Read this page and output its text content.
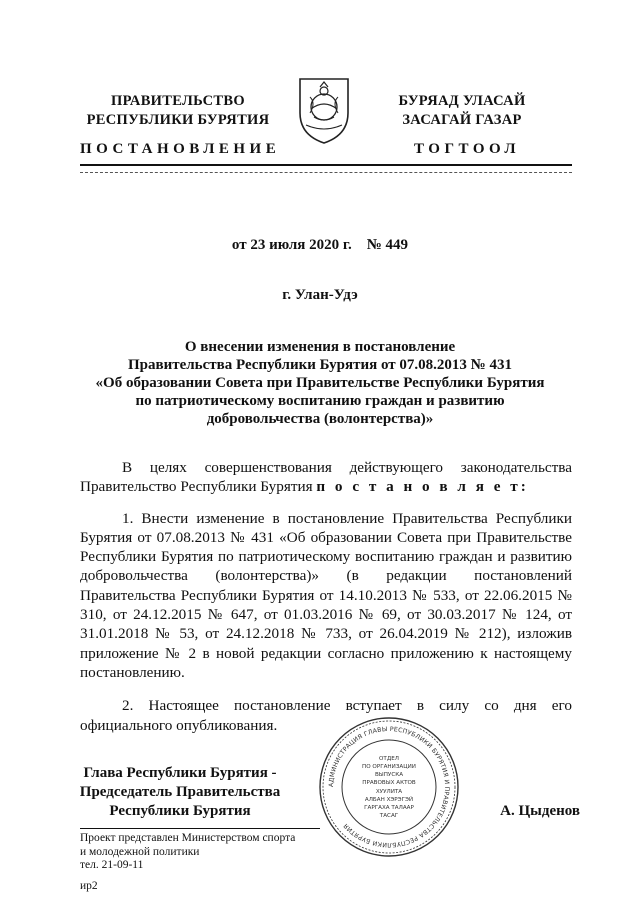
ПРАВИТЕЛЬСТВО
РЕСПУБЛИКИ БУРЯТИЯ
БУРЯАД УЛАСАЙ
ЗАСАГАЙ ГАЗАР
ПОСТАНОВЛЕНИЕ	ТОГТООЛ
от 23 июля 2020 г.    № 449
г. Улан-Удэ
О внесении изменения в постановление
Правительства Республики Бурятия от 07.08.2013 № 431
«Об образовании Совета при Правительстве Республики Бурятия
по патриотическому воспитанию граждан и развитию
добровольчества (волонтерства)»

В целях совершенствования действующего законодательства Правительство Республики Бурятия п о с т а н о в л я е т:

1. Внести изменение в постановление Правительства Республики Бурятия от 07.08.2013 № 431 «Об образовании Совета при Правительстве Республики Бурятия по патриотическому воспитанию граждан и развитию добровольчества (волонтерства)» (в редакции постановлений Правительства Республики Бурятия от 14.10.2013 № 533, от 22.06.2015 № 310, от 24.12.2015 № 647, от 01.03.2016 № 69, от 30.03.2017 № 124, от 31.01.2018 № 53, от 24.12.2018 № 733, от 26.04.2019 № 212), изложив приложение № 2 в новой редакции согласно приложению к настоящему постановлению.

2. Настоящее постановление вступает в силу со дня его официального опубликования.

АДМИНИСТРАЦИЯ ГЛАВЫ РЕСПУБЛИКИ БУРЯТИЯ И ПРАВИТЕЛЬСТВА РЕСПУБЛИКИ БУРЯТИЯ
ОТДЕЛ
ПО ОРГАНИЗАЦИИ
ВЫПУСКА
ПРАВОВЫХ АКТОВ
ХУУЛИТА
АЛБАН ХЭРЭГЭЙ
ГАРГАХА ТАЛААР
ТАСАГ
Глава Республики Бурятия -
Председатель Правительства
Республики Бурятия	А. Цыденов
Проект представлен Министерством спорта
и молодежной политики
тел. 21-09-11
ир2
